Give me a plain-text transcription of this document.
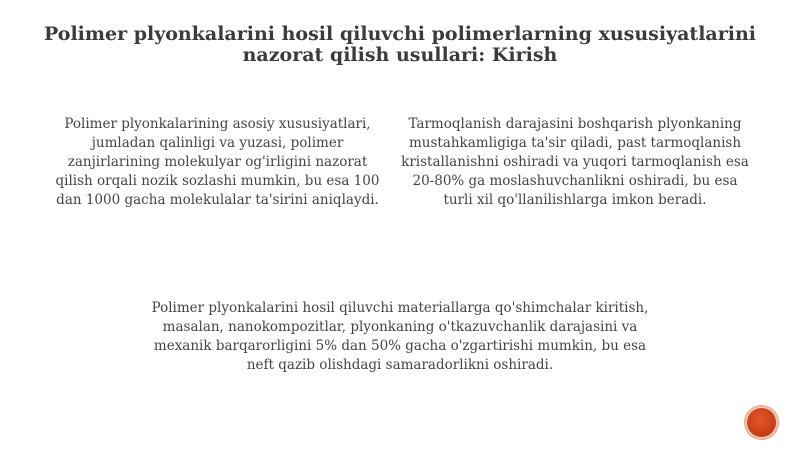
Polimer plyonkalarini hosil qiluvchi polimerlarning xususiyatlarini nazorat qilish usullari: Kirish

Polimer plyonkalarining asosiy xususiyatlari, jumladan qalinligi va yuzasi, polimer zanjirlarining molekulyar og'irligini nazorat qilish orqali nozik sozlashi mumkin, bu esa 100 dan 1000 gacha molekulalar ta'sirini aniqlaydi.

Tarmoqlanish darajasini boshqarish plyonkaning mustahkamligiga ta'sir qiladi, past tarmoqlanish kristallanishni oshiradi va yuqori tarmoqlanish esa 20-80% ga moslashuvchanlikni oshiradi, bu esa turli xil qo'llanilishlarga imkon beradi.

Polimer plyonkalarini hosil qiluvchi materiallarga qo'shimchalar kiritish, masalan, nanokompozitlar, plyonkaning o'tkazuvchanlik darajasini va mexanik barqarorligini 5% dan 50% gacha o'zgartirishi mumkin, bu esa neft qazib olishdagi samaradorlikni oshiradi.
